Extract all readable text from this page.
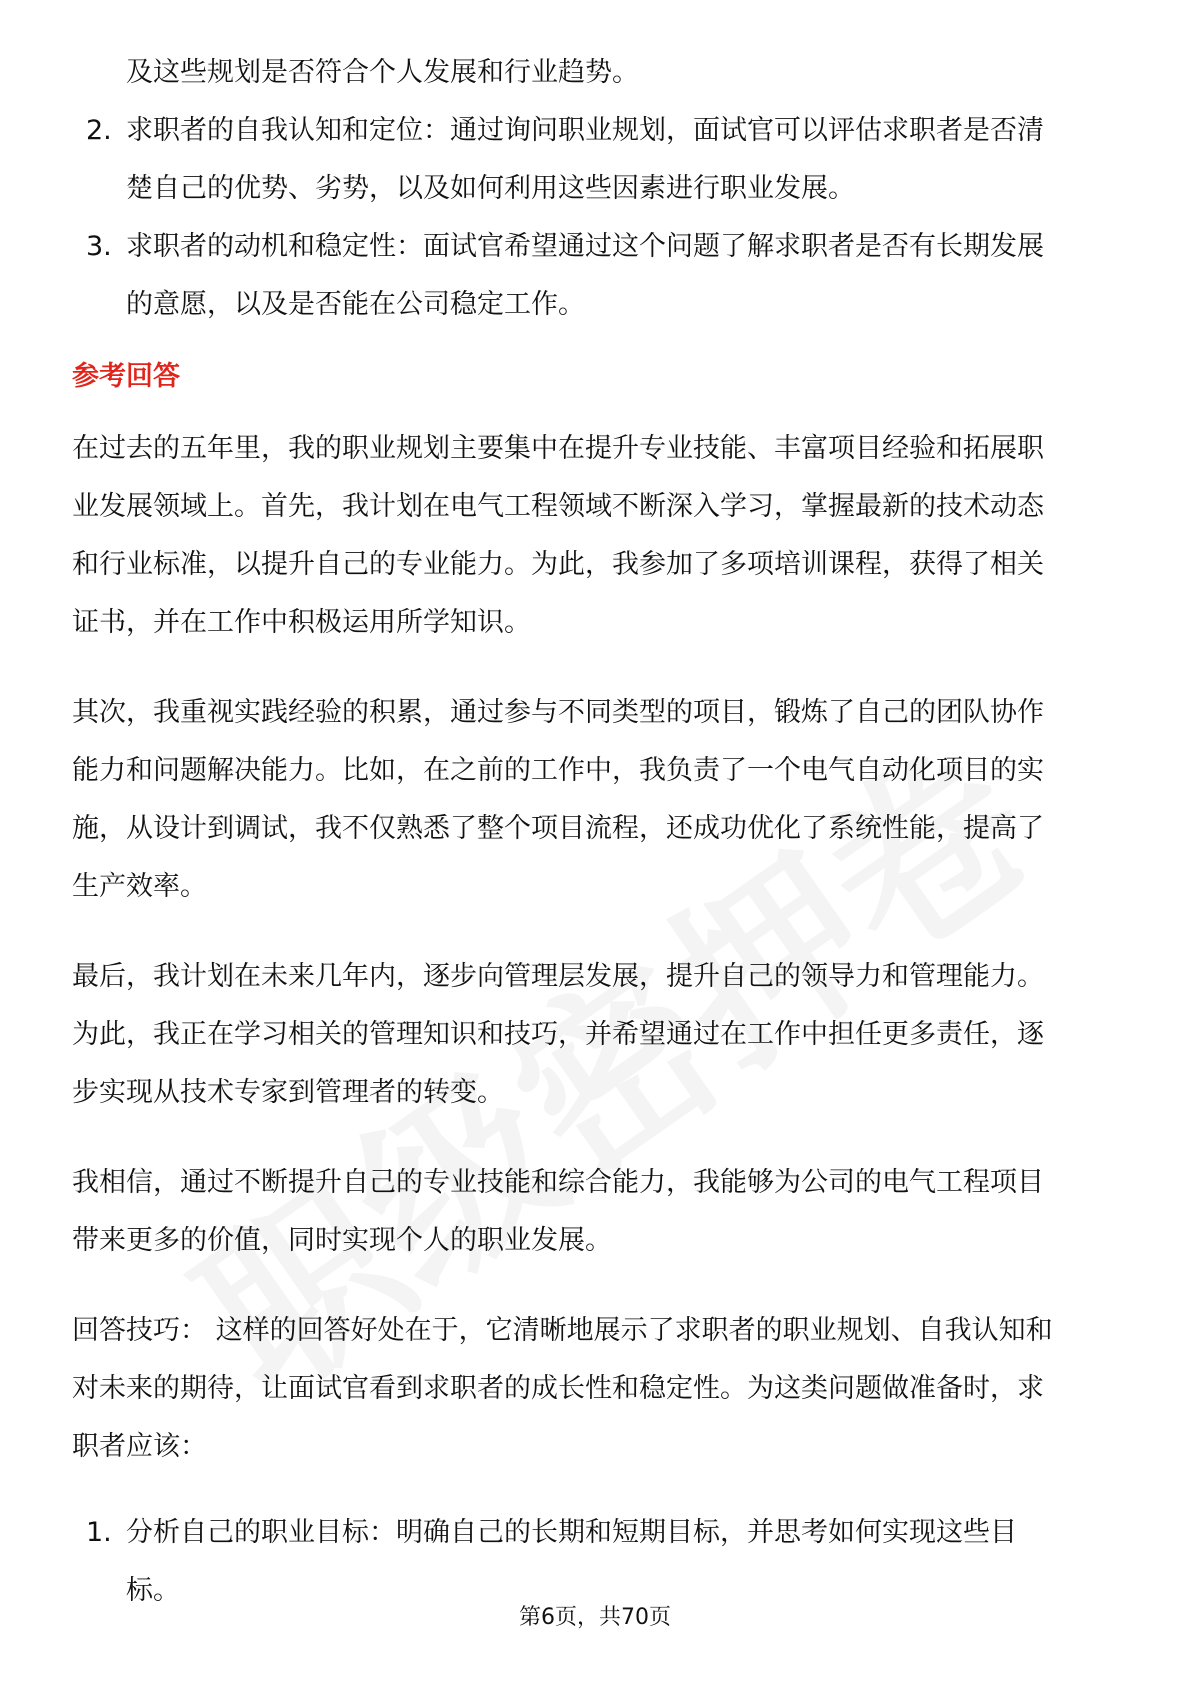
及这些规划是否符合个人发展和行业趋势。

2. 求职者的自我认知和定位：通过询问职业规划，面试官可以评估求职者是否清

楚自己的优势、劣势，以及如何利用这些因素进行职业发展。

3. 求职者的动机和稳定性：面试官希望通过这个问题了解求职者是否有长期发展

的意愿，以及是否能在公司稳定工作。

参考回答

在过去的五年里，我的职业规划主要集中在提升专业技能、丰富项目经验和拓展职

业发展领域上。首先，我计划在电气工程领域不断深入学习，掌握最新的技术动态

和行业标准，以提升自己的专业能力。为此，我参加了多项培训课程，获得了相关

证书，并在工作中积极运用所学知识。

其次，我重视实践经验的积累，通过参与不同类型的项目，锻炼了自己的团队协作

能力和问题解决能力。比如，在之前的工作中，我负责了一个电气自动化项目的实

施，从设计到调试，我不仅熟悉了整个项目流程，还成功优化了系统性能，提高了

生产效率。

最后，我计划在未来几年内，逐步向管理层发展，提升自己的领导力和管理能力。

为此，我正在学习相关的管理知识和技巧，并希望通过在工作中担任更多责任，逐

步实现从技术专家到管理者的转变。

我相信，通过不断提升自己的专业技能和综合能力，我能够为公司的电气工程项目

带来更多的价值，同时实现个人的职业发展。

回答技巧： 这样的回答好处在于，它清晰地展示了求职者的职业规划、自我认知和

对未来的期待，让面试官看到求职者的成长性和稳定性。为这类问题做准备时，求

职者应该：

1. 分析自己的职业目标：明确自己的长期和短期目标，并思考如何实现这些目

标。

第6页，共70页
